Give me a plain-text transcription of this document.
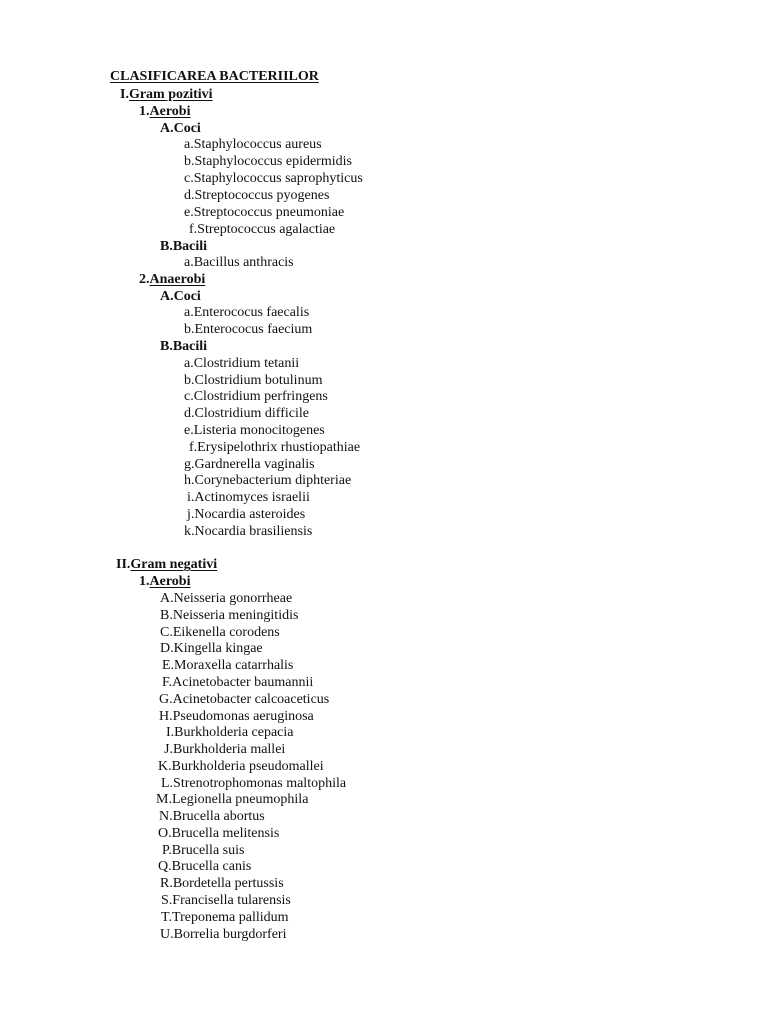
CLASIFICAREA BACTERIILOR
I.Gram pozitivi
1.Aerobi
A.Coci
a.Staphylococcus aureus
b.Staphylococcus epidermidis
c.Staphylococcus saprophyticus
d.Streptococcus pyogenes
e.Streptococcus pneumoniae
f.Streptococcus agalactiae
B.Bacili
a.Bacillus anthracis
2.Anaerobi
A.Coci
a.Enterococus faecalis
b.Enterococus faecium
B.Bacili
a.Clostridium tetanii
b.Clostridium botulinum
c.Clostridium perfringens
d.Clostridium difficile
e.Listeria monocitogenes
f.Erysipelothrix rhustiopathiae
g.Gardnerella vaginalis
h.Corynebacterium diphteriae
i.Actinomyces israelii
j.Nocardia asteroides
k.Nocardia brasiliensis
II.Gram negativi
1.Aerobi
A.Neisseria gonorrheae
B.Neisseria meningitidis
C.Eikenella corodens
D.Kingella kingae
E.Moraxella catarrhalis
F.Acinetobacter baumannii
G.Acinetobacter calcoaceticus
H.Pseudomonas aeruginosa
I.Burkholderia cepacia
J.Burkholderia mallei
K.Burkholderia pseudomallei
L.Strenotrophomonas maltophila
M.Legionella pneumophila
N.Brucella abortus
O.Brucella melitensis
P.Brucella suis
Q.Brucella canis
R.Bordetella pertussis
S.Francisella tularensis
T.Treponema pallidum
U.Borrelia burgdorferi
